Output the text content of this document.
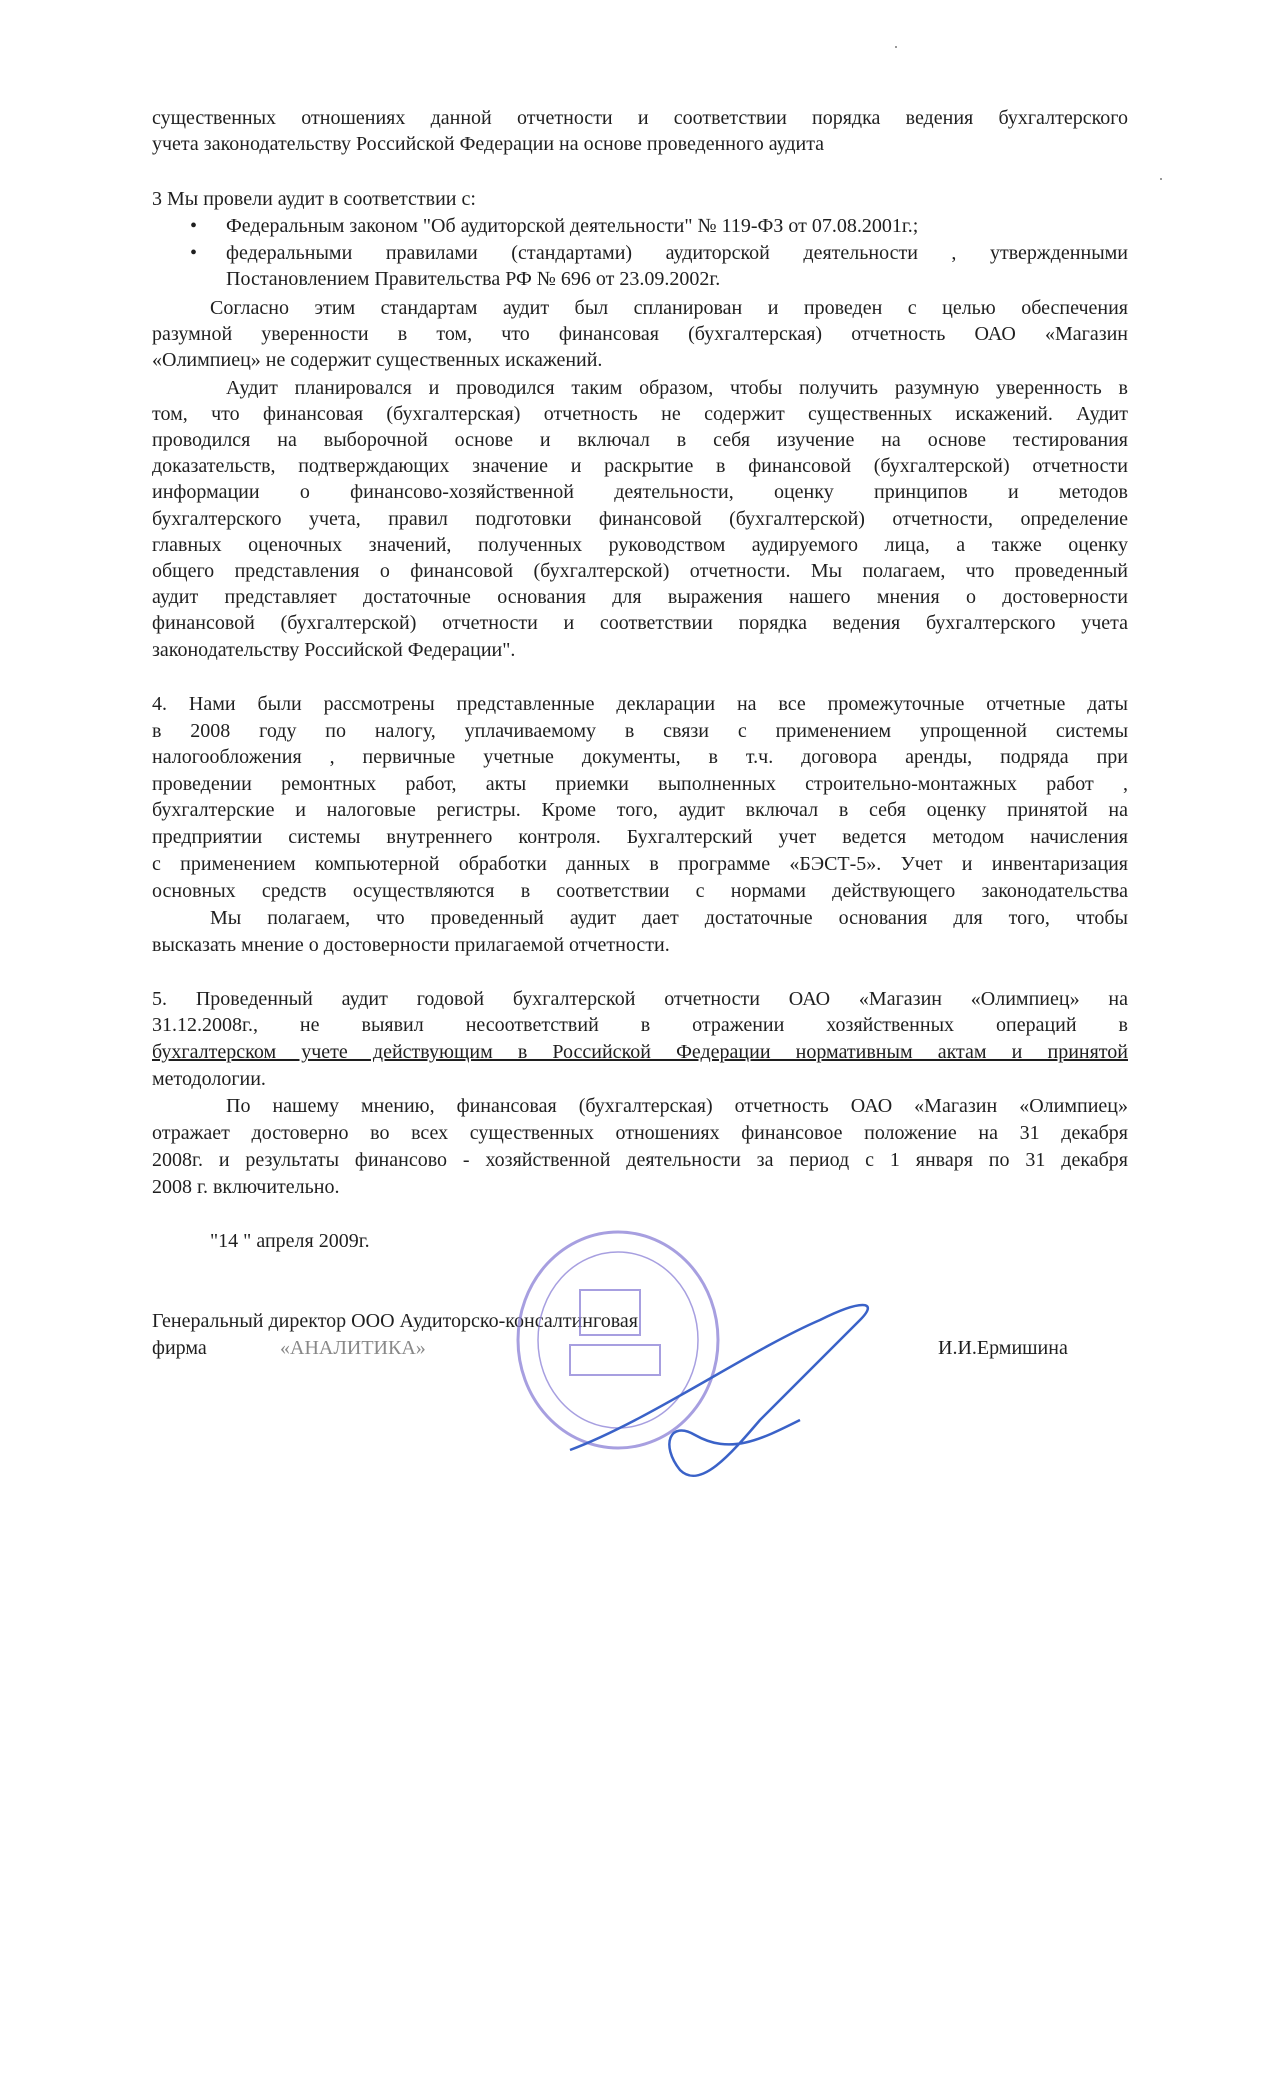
существенных отношениях данной отчетности и соответствии порядка ведения бухгалтерского
учета законодательству Российской Федерации на основе проведенного аудита
3 Мы провели аудит в соответствии с:
• Федеральным законом "Об аудиторской деятельности" № 119-ФЗ от 07.08.2001г.;
• федеральными правилами (стандартами) аудиторской деятельности , утвержденными
Постановлением Правительства РФ № 696 от 23.09.2002г.
Согласно этим стандартам аудит был спланирован и проведен с целью обеспечения
разумной уверенности в том, что финансовая (бухгалтерская) отчетность ОАО «Магазин
«Олимпиец» не содержит существенных искажений.
Аудит планировался и проводился таким образом, чтобы получить разумную уверенность в
том, что финансовая (бухгалтерская) отчетность не содержит существенных искажений. Аудит
проводился на выборочной основе и включал в себя изучение на основе тестирования
доказательств, подтверждающих значение и раскрытие в финансовой (бухгалтерской) отчетности
информации о финансово-хозяйственной деятельности, оценку принципов и методов
бухгалтерского учета, правил подготовки финансовой (бухгалтерской) отчетности, определение
главных оценочных значений, полученных руководством аудируемого лица, а также оценку
общего представления о финансовой (бухгалтерской) отчетности. Мы полагаем, что проведенный
аудит представляет достаточные основания для выражения нашего мнения о достоверности
финансовой (бухгалтерской) отчетности и соответствии порядка ведения бухгалтерского учета
законодательству Российской Федерации".
4. Нами были рассмотрены представленные декларации на все промежуточные отчетные даты
в 2008 году по налогу, уплачиваемому в связи с применением упрощенной системы
налогообложения , первичные учетные документы, в т.ч. договора аренды, подряда при
проведении ремонтных работ, акты приемки выполненных строительно-монтажных работ ,
бухгалтерские и налоговые регистры. Кроме того, аудит включал в себя оценку принятой на
предприятии системы внутреннего контроля. Бухгалтерский учет ведется методом начисления
с применением компьютерной обработки данных в программе «БЭСТ-5». Учет и инвентаризация
основных средств осуществляются в соответствии с нормами действующего законодательства
Мы полагаем, что проведенный аудит дает достаточные основания для того, чтобы
высказать мнение о достоверности прилагаемой отчетности.
5. Проведенный аудит годовой бухгалтерской отчетности ОАО «Магазин «Олимпиец» на
31.12.2008г., не выявил несоответствий в отражении хозяйственных операций в
бухгалтерском учете действующим в Российской Федерации нормативным актам и принятой
методологии.
По нашему мнению, финансовая (бухгалтерская) отчетность ОАО «Магазин «Олимпиец»
отражает достоверно во всех существенных отношениях финансовое положение на 31 декабря
2008г. и результаты финансово - хозяйственной деятельности за период с 1 января по 31 декабря
2008 г. включительно.
"14 " апреля 2009г.
Генеральный директор ООО Аудиторско-консалтинговая
фирма	«АНАЛИТИКА»	И.И.Ермишина
